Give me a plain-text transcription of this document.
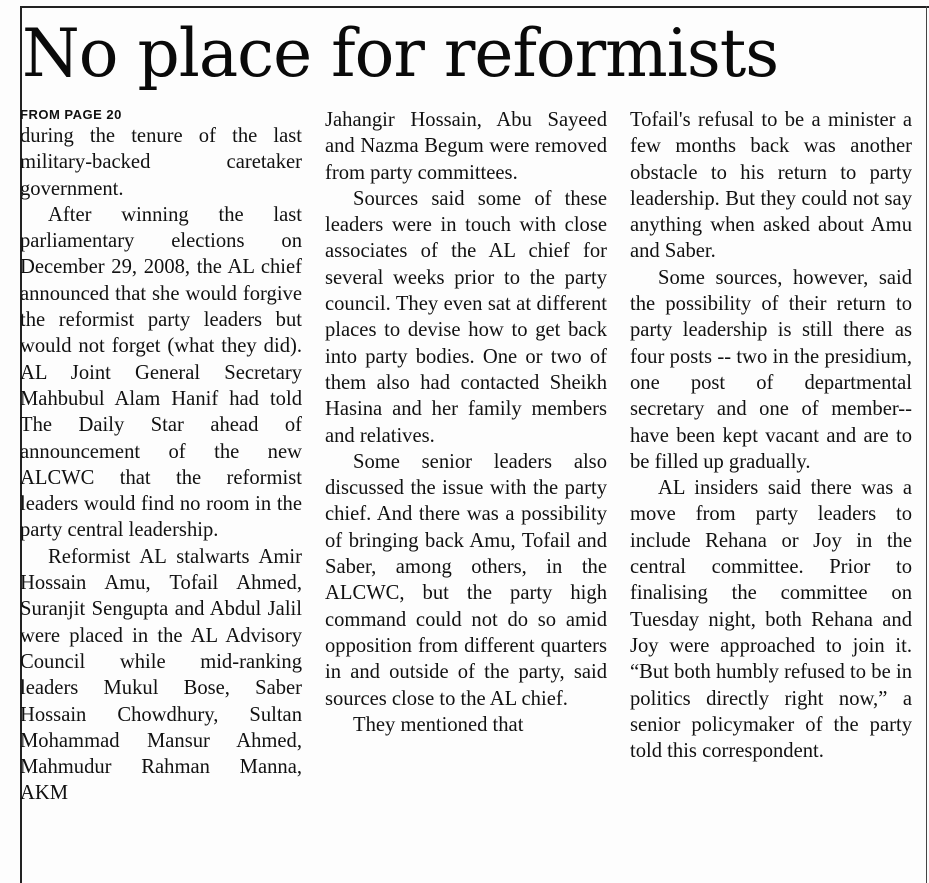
No place for reformists

FROM PAGE 20

during the tenure of the last military-backed caretaker government.

After winning the last parliamentary elections on December 29, 2008, the AL chief announced that she would forgive the reformist party leaders but would not forget (what they did). AL Joint General Secretary Mahbubul Alam Hanif had told The Daily Star ahead of announcement of the new ALCWC that the reformist leaders would find no room in the party central leadership.

Reformist AL stalwarts Amir Hossain Amu, Tofail Ahmed, Suranjit Sengupta and Abdul Jalil were placed in the AL Advisory Council while mid-ranking leaders Mukul Bose, Saber Hossain Chowdhury, Sultan Mohammad Mansur Ahmed, Mahmudur Rahman Manna, AKM

Jahangir Hossain, Abu Sayeed and Nazma Begum were removed from party committees.

Sources said some of these leaders were in touch with close associates of the AL chief for several weeks prior to the party council. They even sat at different places to devise how to get back into party bodies. One or two of them also had contacted Sheikh Hasina and her family members and relatives.

Some senior leaders also discussed the issue with the party chief. And there was a possibility of bringing back Amu, Tofail and Saber, among others, in the ALCWC, but the party high command could not do so amid opposition from different quarters in and outside of the party, said sources close to the AL chief.

They mentioned that

Tofail's refusal to be a minister a few months back was another obstacle to his return to party leadership. But they could not say anything when asked about Amu and Saber.

Some sources, however, said the possibility of their return to party leadership is still there as four posts -- two in the presidium, one post of departmental secretary and one of member-- have been kept vacant and are to be filled up gradually.

AL insiders said there was a move from party leaders to include Rehana or Joy in the central committee. Prior to finalising the committee on Tuesday night, both Rehana and Joy were approached to join it. “But both humbly refused to be in politics directly right now,” a senior policymaker of the party told this correspondent.
